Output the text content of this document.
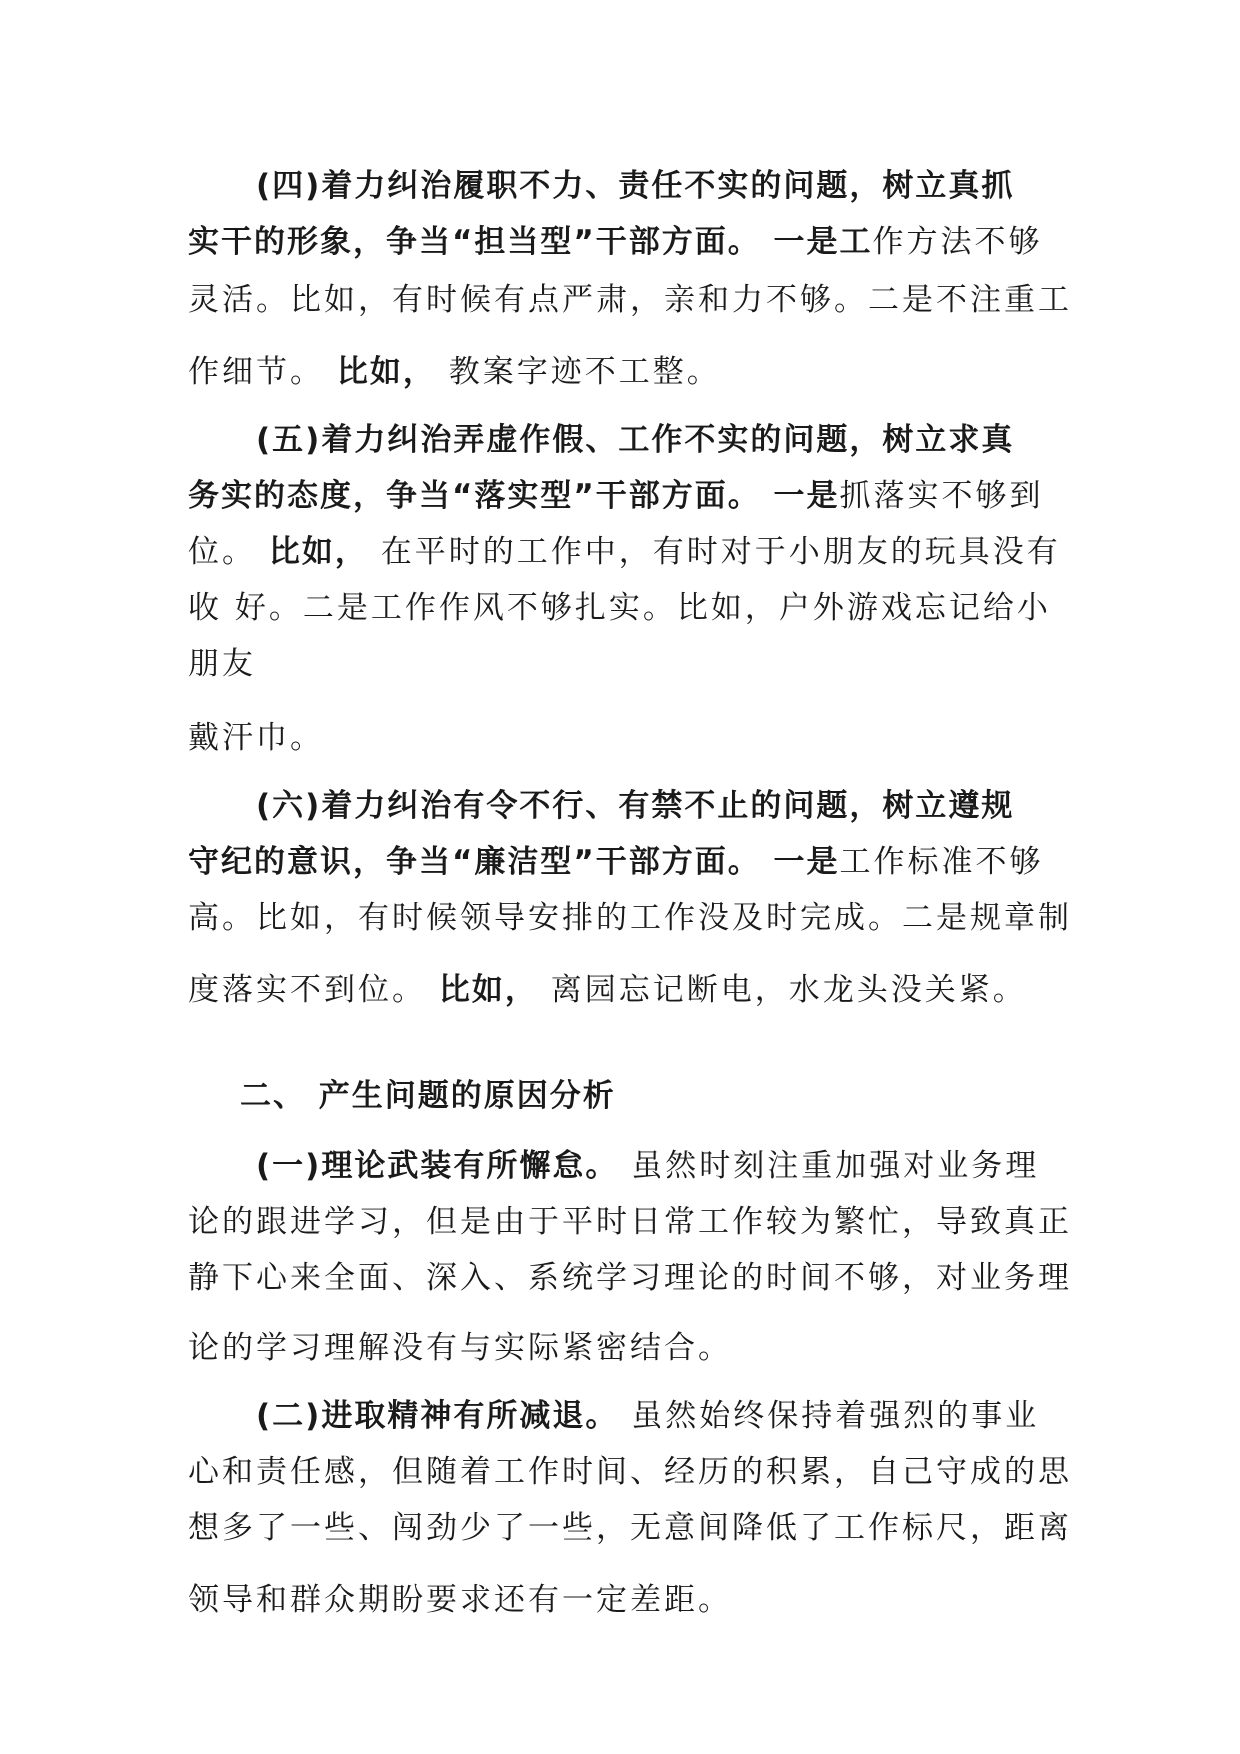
(四)着力纠治履职不力、责任不实的问题，树立真抓
实干的形象，争当“担当型”干部方面。 一是工作方法不够
灵活。比如，有时候有点严肃，亲和力不够。二是不注重工
作细节。 比如， 教案字迹不工整。
(五)着力纠治弄虚作假、工作不实的问题，树立求真
务实的态度，争当“落实型”干部方面。 一是抓落实不够到
位。 比如， 在平时的工作中，有时对于小朋友的玩具没有
收 好。二是工作作风不够扎实。比如，户外游戏忘记给小
朋友
戴汗巾。
(六)着力纠治有令不行、有禁不止的问题，树立遵规
守纪的意识，争当“廉洁型”干部方面。 一是工作标准不够
高。比如，有时候领导安排的工作没及时完成。二是规章制
度落实不到位。 比如， 离园忘记断电，水龙头没关紧。
二、 产生问题的原因分析
(一)理论武装有所懈怠。 虽然时刻注重加强对业务理
论的跟进学习，但是由于平时日常工作较为繁忙，导致真正
静下心来全面、深入、系统学习理论的时间不够，对业务理
论的学习理解没有与实际紧密结合。
(二)进取精神有所减退。 虽然始终保持着强烈的事业
心和责任感，但随着工作时间、经历的积累，自己守成的思
想多了一些、闯劲少了一些，无意间降低了工作标尺，距离
领导和群众期盼要求还有一定差距。
